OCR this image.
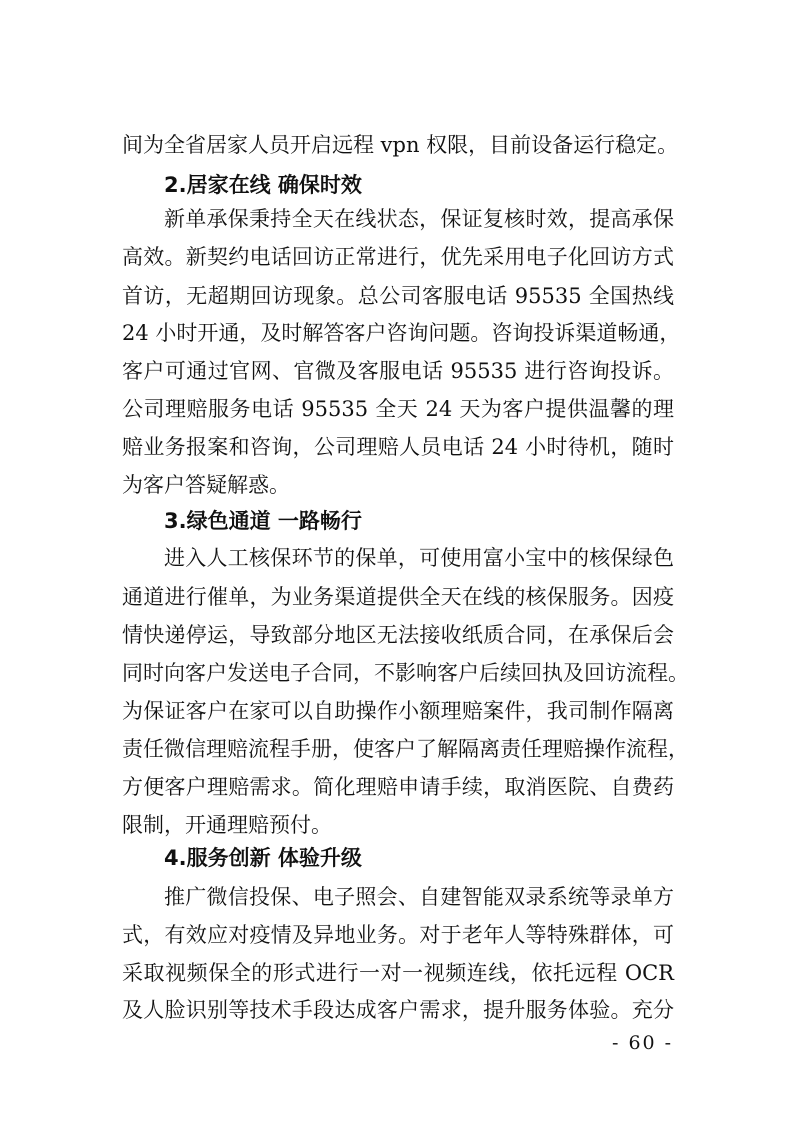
间为全省居家人员开启远程 vpn 权限，目前设备运行稳定。
2.居家在线 确保时效
新单承保秉持全天在线状态，保证复核时效，提高承保
高效。新契约电话回访正常进行，优先采用电子化回访方式
首访，无超期回访现象。总公司客服电话 95535 全国热线
24 小时开通，及时解答客户咨询问题。咨询投诉渠道畅通，
客户可通过官网、官微及客服电话 95535 进行咨询投诉。
公司理赔服务电话 95535 全天 24 天为客户提供温馨的理
赔业务报案和咨询，公司理赔人员电话 24 小时待机，随时
为客户答疑解惑。
3.绿色通道 一路畅行
进入人工核保环节的保单，可使用富小宝中的核保绿色
通道进行催单，为业务渠道提供全天在线的核保服务。因疫
情快递停运，导致部分地区无法接收纸质合同，在承保后会
同时向客户发送电子合同，不影响客户后续回执及回访流程。
为保证客户在家可以自助操作小额理赔案件，我司制作隔离
责任微信理赔流程手册，使客户了解隔离责任理赔操作流程，
方便客户理赔需求。简化理赔申请手续，取消医院、自费药
限制，开通理赔预付。
4.服务创新 体验升级
推广微信投保、电子照会、自建智能双录系统等录单方
式，有效应对疫情及异地业务。对于老年人等特殊群体，可
采取视频保全的形式进行一对一视频连线，依托远程 OCR
及人脸识别等技术手段达成客户需求，提升服务体验。充分
- 60 -
